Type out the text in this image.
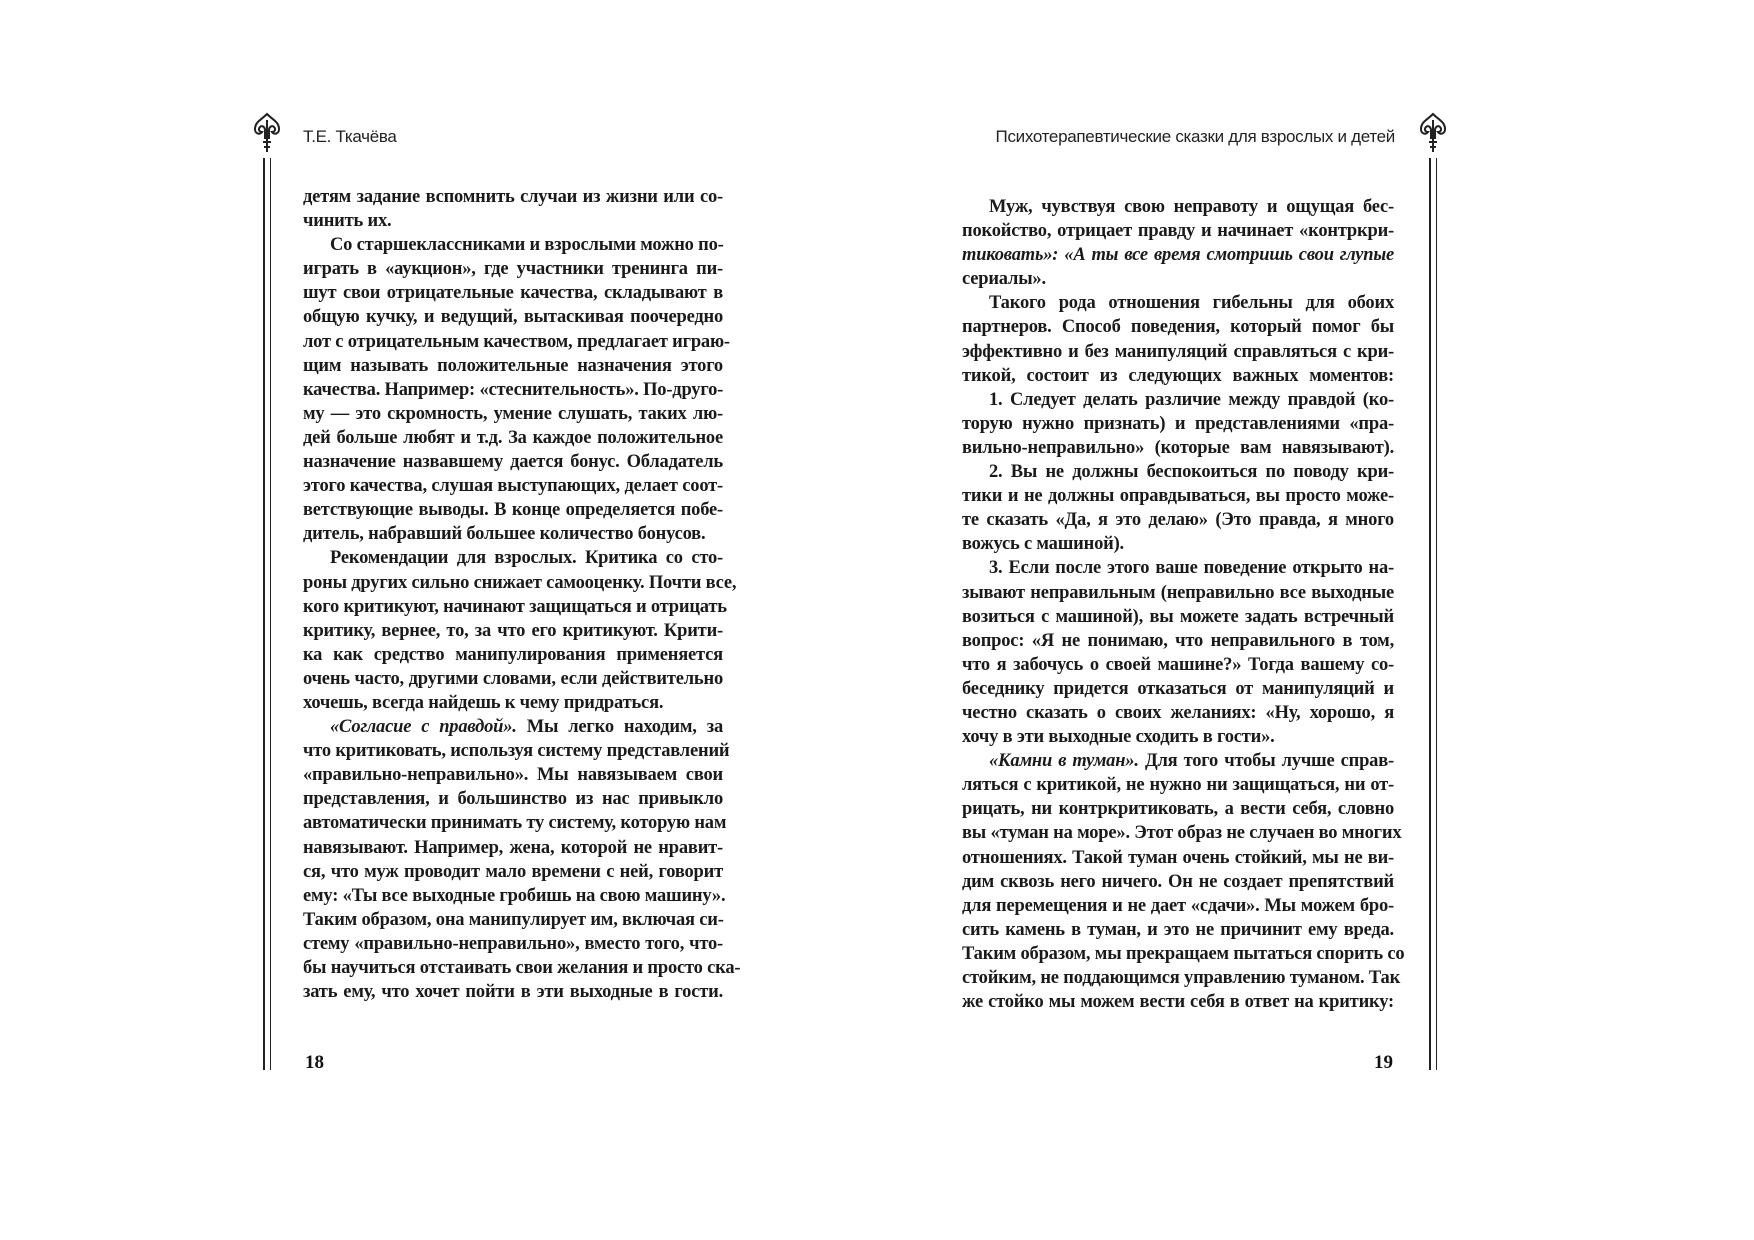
Т.Е. Ткачёва
детям задание вспомнить случаи из жизни или со-
чинить их.
Со старшеклассниками и взрослыми можно по-
играть в «аукцион», где участники тренинга пи-
шут свои отрицательные качества, складывают в
общую кучку, и ведущий, вытаскивая поочередно
лот с отрицательным качеством, предлагает играю-
щим называть положительные назначения этого
качества. Например: «стеснительность». По-друго-
му — это скромность, умение слушать, таких лю-
дей больше любят и т.д. За каждое положительное
назначение назвавшему дается бонус. Обладатель
этого качества, слушая выступающих, делает соот-
ветствующие выводы. В конце определяется побе-
дитель, набравший большее количество бонусов.
Рекомендации для взрослых. Критика со сто-
роны других сильно снижает самооценку. Почти все,
кого критикуют, начинают защищаться и отрицать
критику, вернее, то, за что его критикуют. Крити-
ка как средство манипулирования применяется
очень часто, другими словами, если действительно
хочешь, всегда найдешь к чему придраться.
«Согласие с правдой». Мы легко находим, за
что критиковать, используя систему представлений
«правильно-неправильно». Мы навязываем свои
представления, и большинство из нас привыкло
автоматически принимать ту систему, которую нам
навязывают. Например, жена, которой не нравит-
ся, что муж проводит мало времени с ней, говорит
ему: «Ты все выходные гробишь на свою машину».
Таким образом, она манипулирует им, включая си-
стему «правильно-неправильно», вместо того, что-
бы научиться отстаивать свои желания и просто ска-
зать ему, что хочет пойти в эти выходные в гости.
18
Психотерапевтические сказки для взрослых и детей
Муж, чувствуя свою неправоту и ощущая бес-
покойство, отрицает правду и начинает «контркри-
тиковать»: «А ты все время смотришь свои глупые
сериалы».
Такого рода отношения гибельны для обоих
партнеров. Способ поведения, который помог бы
эффективно и без манипуляций справляться с кри-
тикой, состоит из следующих важных моментов:
1. Следует делать различие между правдой (ко-
торую нужно признать) и представлениями «пра-
вильно-неправильно» (которые вам навязывают).
2. Вы не должны беспокоиться по поводу кри-
тики и не должны оправдываться, вы просто може-
те сказать «Да, я это делаю» (Это правда, я много
вожусь с машиной).
3. Если после этого ваше поведение открыто на-
зывают неправильным (неправильно все выходные
возиться с машиной), вы можете задать встречный
вопрос: «Я не понимаю, что неправильного в том,
что я забочусь о своей машине?» Тогда вашему со-
беседнику придется отказаться от манипуляций и
честно сказать о своих желаниях: «Ну, хорошо, я
хочу в эти выходные сходить в гости».
«Камни в туман». Для того чтобы лучше справ-
ляться с критикой, не нужно ни защищаться, ни от-
рицать, ни контркритиковать, а вести себя, словно
вы «туман на море». Этот образ не случаен во многих
отношениях. Такой туман очень стойкий, мы не ви-
дим сквозь него ничего. Он не создает препятствий
для перемещения и не дает «сдачи». Мы можем бро-
сить камень в туман, и это не причинит ему вреда.
Таким образом, мы прекращаем пытаться спорить со
стойким, не поддающимся управлению туманом. Так
же стойко мы можем вести себя в ответ на критику:
19
